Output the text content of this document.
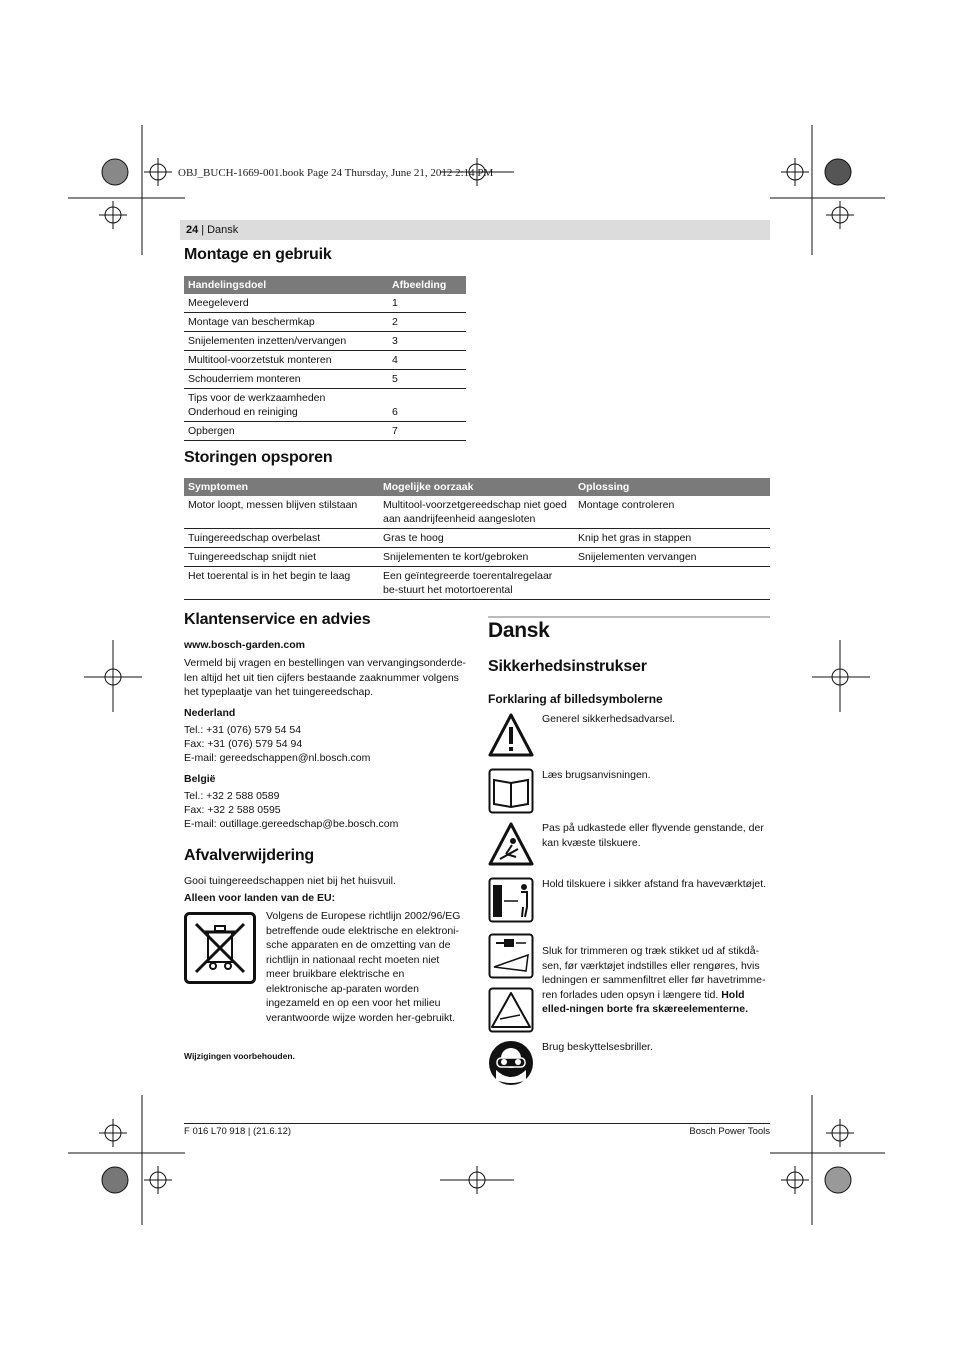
OBJ_BUCH-1669-001.book Page 24 Thursday, June 21, 2012 2:14 PM
24 | Dansk
Montage en gebruik
Handelingsdoel	Afbeelding
Meegeleverd	1
Montage van beschermkap	2
Snijelementen inzetten/vervangen	3
Multitool-voorzetstuk monteren	4
Schouderriem monteren	5

Tips voor de werkzaamheden
Onderhoud en reiniging	6

Opbergen	7
Storingen opsporen
Symptomen	Mogelijke oorzaak	Oplossing
Motor loopt, messen blijven stilstaan	Multitool-voorzetgereedschap niet goed aan aandrijfeenheid aangesloten	Montage controleren
Tuingereedschap overbelast	Gras te hoog	Knip het gras in stappen
Tuingereedschap snijdt niet	Snijelementen te kort/gebroken	Snijelementen vervangen
Het toerental is in het begin te laag	Een geïntegreerde toerentalregelaar be-stuurt het motortoerental	
Klantenservice en advies
www.bosch-garden.com
Vermeld bij vragen en bestellingen van vervangingsonderde-len altijd het uit tien cijfers bestaande zaaknummer volgens het typeplaatje van het tuingereedschap.
Nederland
Tel.: +31 (076) 579 54 54
Fax: +31 (076) 579 54 94
E-mail: gereedschappen@nl.bosch.com
België
Tel.: +32 2 588 0589
Fax: +32 2 588 0595
E-mail: outillage.gereedschap@be.bosch.com
Afvalverwijdering
Gooi tuingereedschappen niet bij het huisvuil.
Alleen voor landen van de EU:
Volgens de Europese richtlijn 2002/96/EG betreffende oude elektrische en elektroni-sche apparaten en de omzetting van de richtlijn in nationaal recht moeten niet meer bruikbare elektrische en elektronische ap-paraten worden ingezameld en op een voor het milieu verantwoorde wijze worden her-gebruikt.
Wijzigingen voorbehouden.
Dansk
Sikkerhedsinstrukser
Forklaring af billedsymbolerne
Generel sikkerhedsadvarsel.
Læs brugsanvisningen.
Pas på udkastede eller flyvende genstande, der kan kvæste tilskuere.
Hold tilskuere i sikker afstand fra haveværktøjet.
Sluk for trimmeren og træk stikket ud af stikdå-sen, før værktøjet indstilles eller rengøres, hvis ledningen er sammenfiltret eller før havetrimme-ren forlades uden opsyn i længere tid. Hold elled-ningen borte fra skæreelementerne.
Brug beskyttelsesbriller.
F 016 L70 918 | (21.6.12)	Bosch Power Tools
